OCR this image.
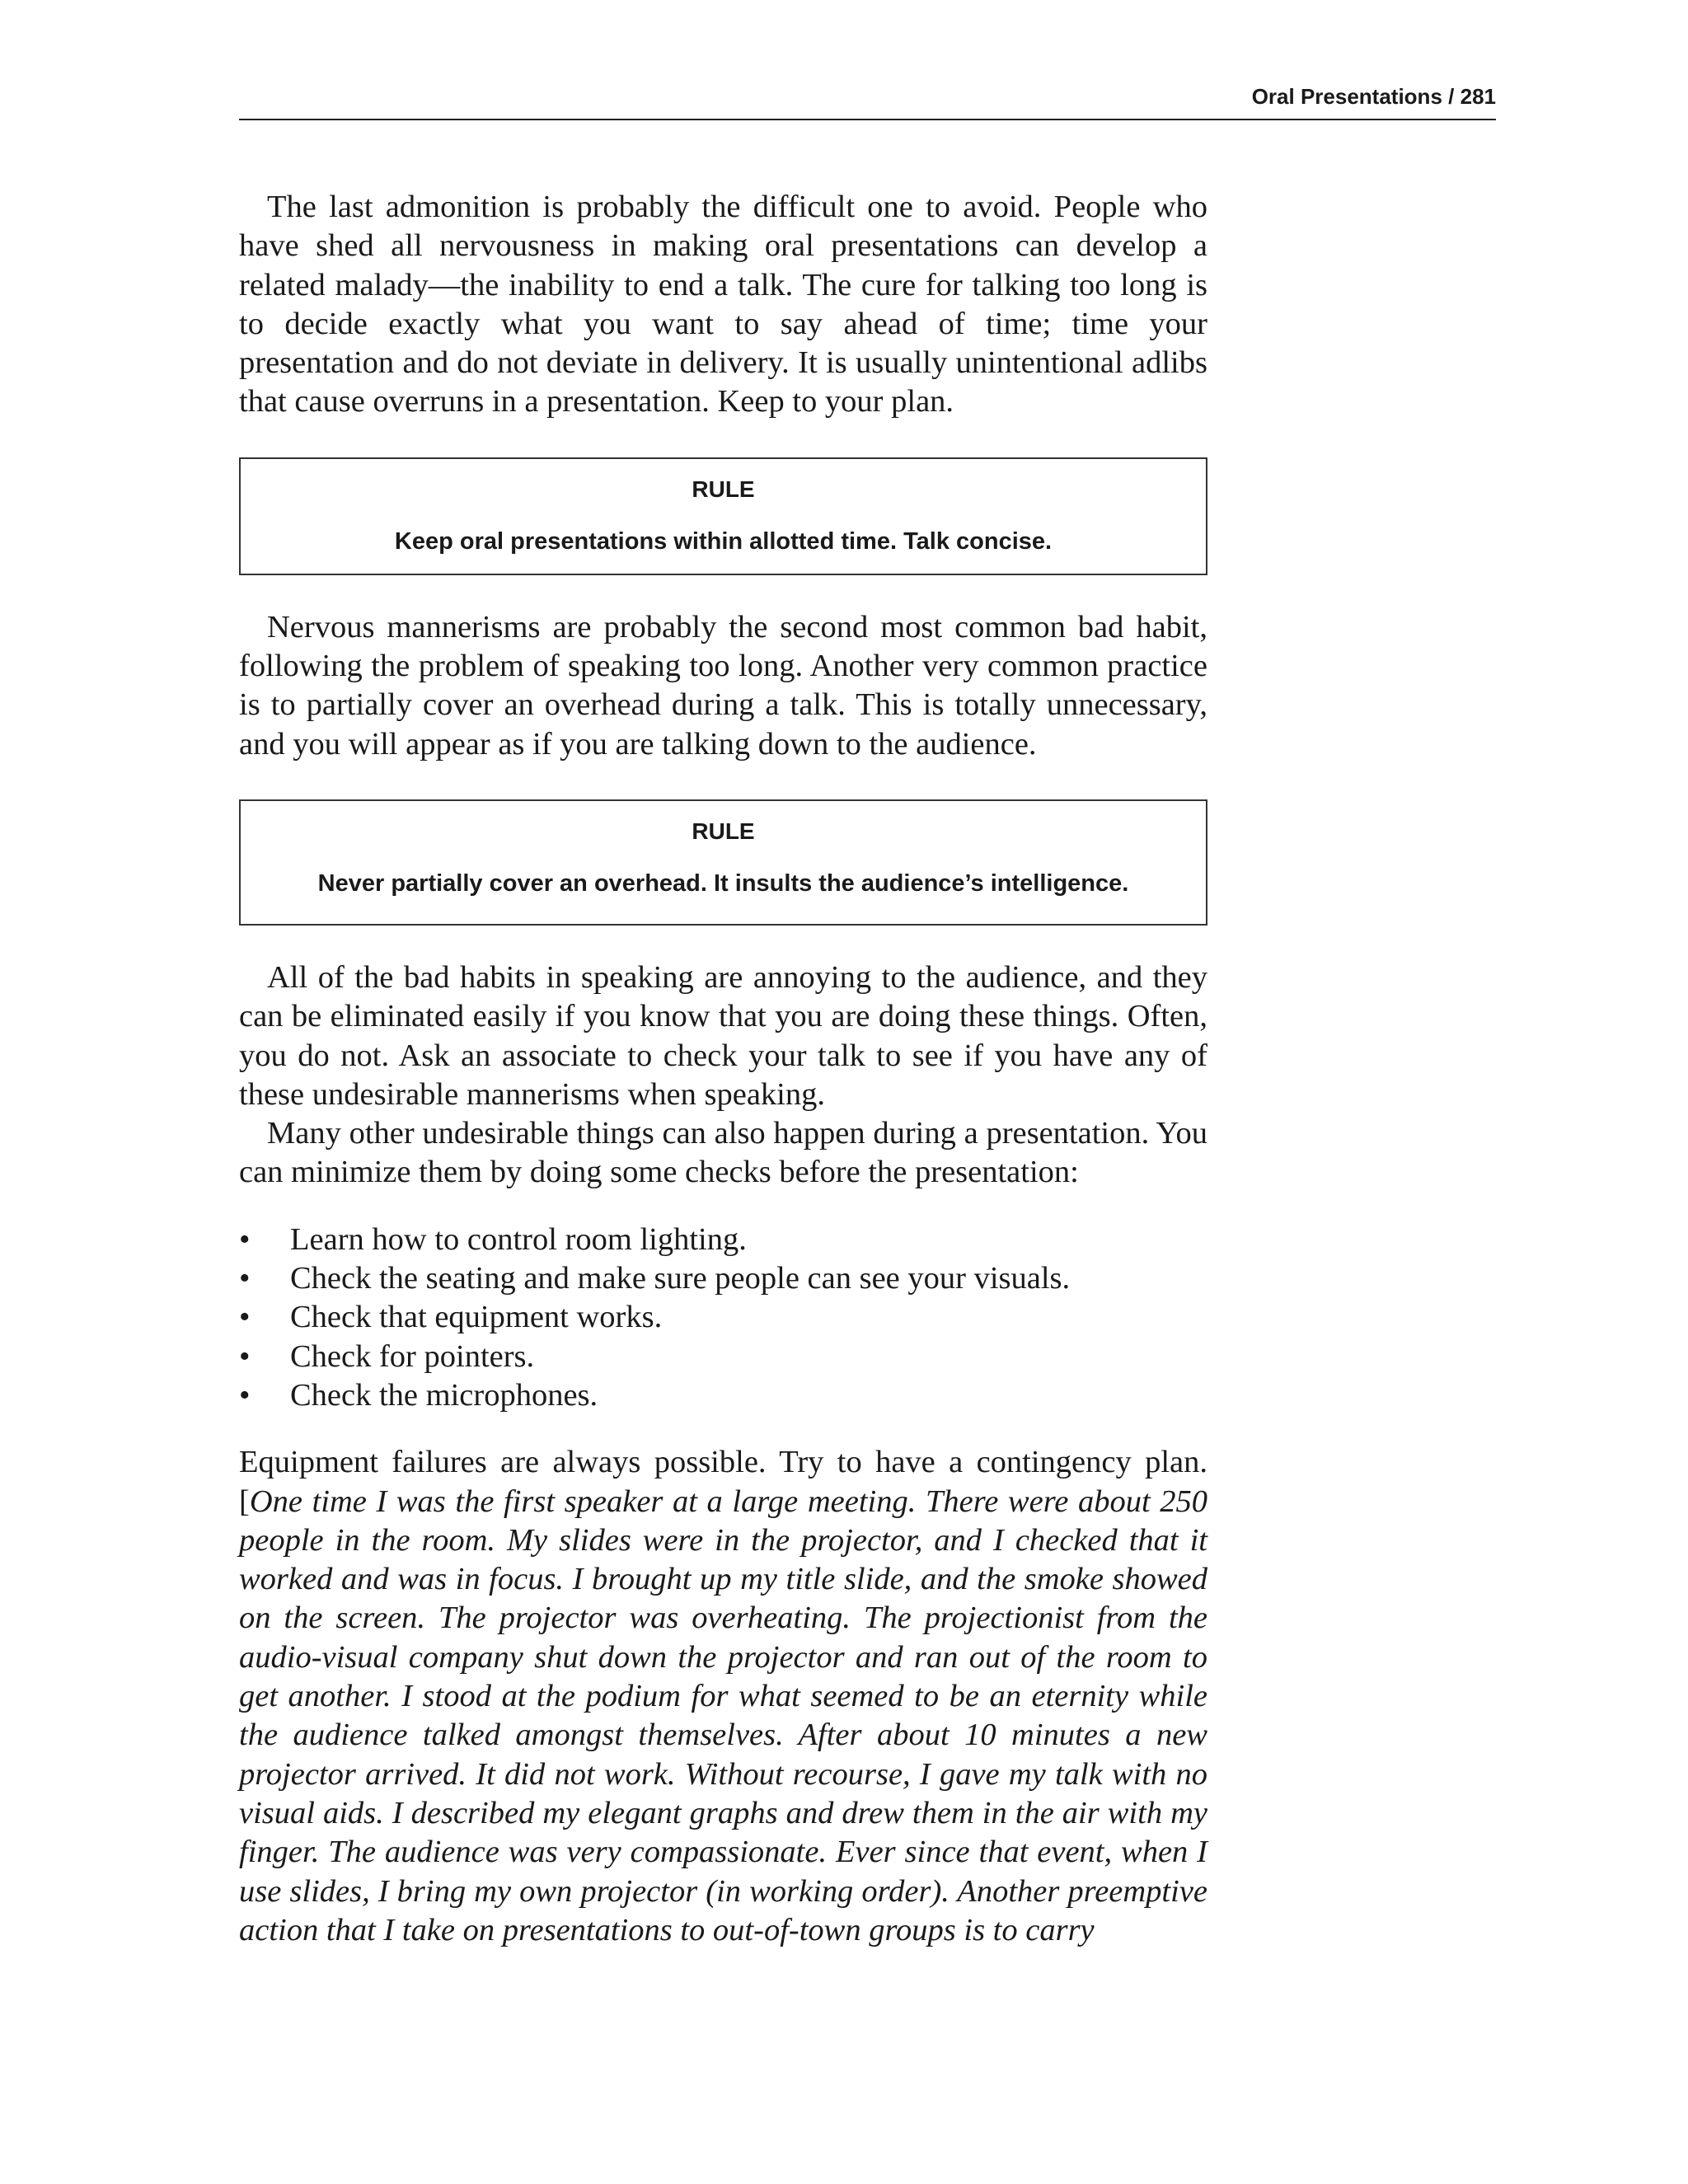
Oral Presentations / 281

The last admonition is probably the difficult one to avoid. People who have shed all nervousness in making oral presentations can develop a related malady—the inability to end a talk. The cure for talking too long is to decide exactly what you want to say ahead of time; time your presentation and do not deviate in delivery. It is usually unintentional adlibs that cause overruns in a presentation. Keep to your plan.

RULE
Keep oral presentations within allotted time. Talk concise.

Nervous mannerisms are probably the second most common bad habit, following the problem of speaking too long. Another very common practice is to partially cover an overhead during a talk. This is totally unnecessary, and you will appear as if you are talking down to the audience.

RULE
Never partially cover an overhead. It insults the audience’s intelligence.

All of the bad habits in speaking are annoying to the audience, and they can be eliminated easily if you know that you are doing these things. Often, you do not. Ask an associate to check your talk to see if you have any of these undesirable mannerisms when speaking.

Many other undesirable things can also happen during a presentation. You can minimize them by doing some checks before the presentation:

• Learn how to control room lighting.
• Check the seating and make sure people can see your visuals.
• Check that equipment works.
• Check for pointers.
• Check the microphones.

Equipment failures are always possible. Try to have a contingency plan. [One time I was the first speaker at a large meeting. There were about 250 people in the room. My slides were in the projector, and I checked that it worked and was in focus. I brought up my title slide, and the smoke showed on the screen. The projector was overheating. The projectionist from the audio-visual company shut down the projector and ran out of the room to get another. I stood at the podium for what seemed to be an eternity while the audience talked amongst themselves. After about 10 minutes a new projector arrived. It did not work. Without recourse, I gave my talk with no visual aids. I described my elegant graphs and drew them in the air with my finger. The audience was very compassionate. Ever since that event, when I use slides, I bring my own projector (in working order). Another preemptive action that I take on presentations to out-of-town groups is to carry
